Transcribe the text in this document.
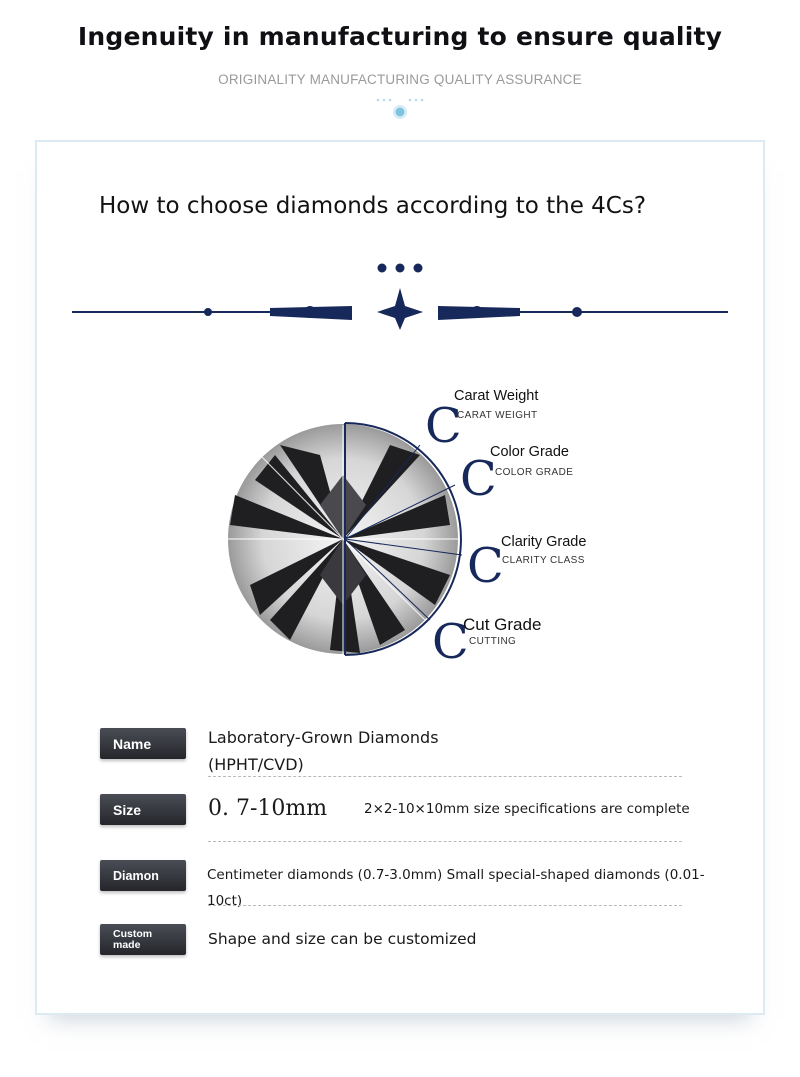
Ingenuity in manufacturing to ensure quality
ORIGINALITY MANUFACTURING QUALITY ASSURANCE
How to choose diamonds according to the 4Cs?
C
Carat Weight
CARAT WEIGHT
C
Color Grade
COLOR GRADE
C
Clarity Grade
CLARITY CLASS
C
Cut Grade
CUTTING
Name	Laboratory-Grown Diamonds
(HPHT/CVD)
Size	0. 7-10mm	2×2-10×10mm size specifications are complete
Diamon	Centimeter diamonds (0.7-3.0mm) Small special-shaped diamonds (0.01-
10ct)
Custom
made	Shape and size can be customized
